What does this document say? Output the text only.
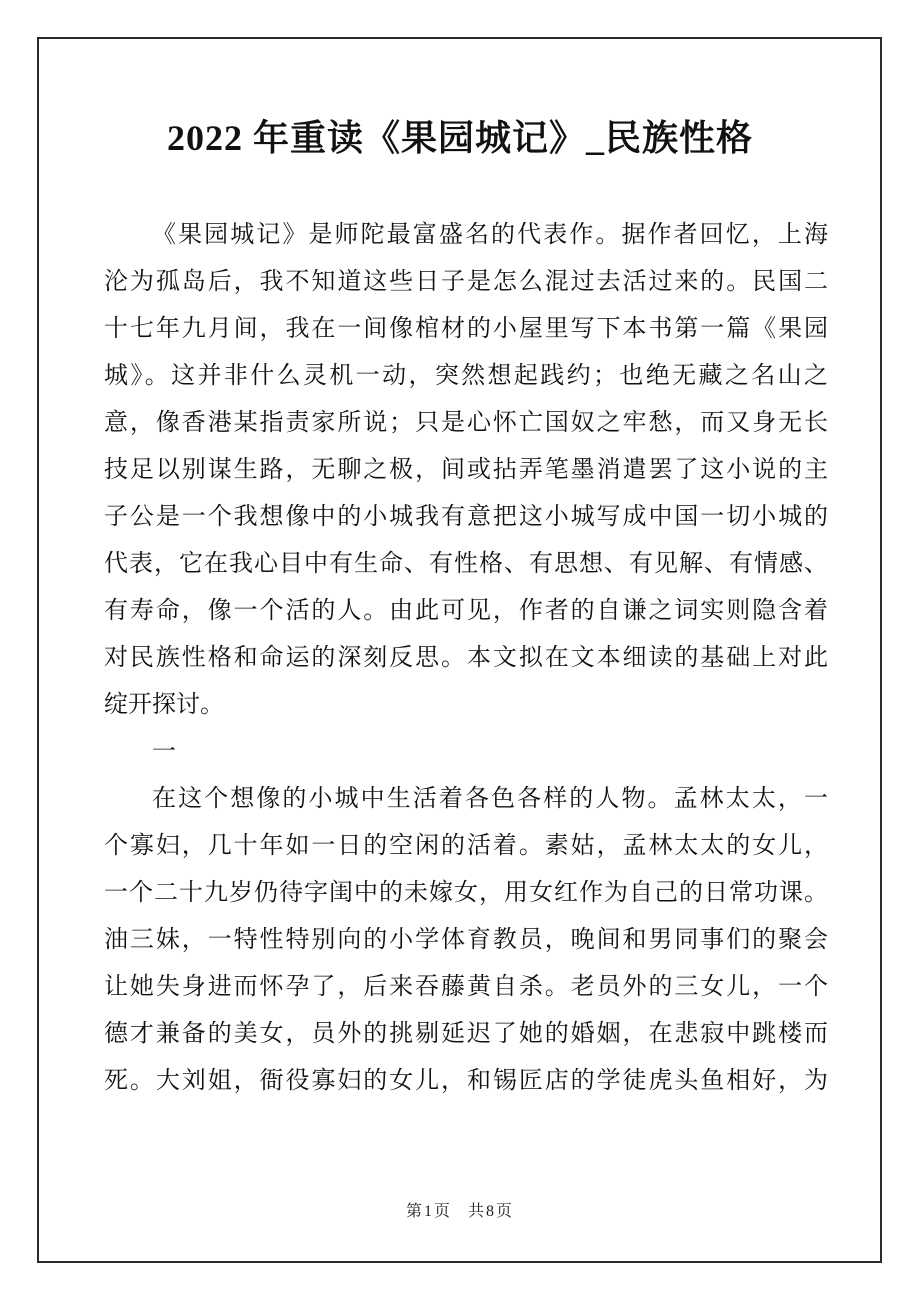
2022 年重读《果园城记》_民族性格
《果园城记》是师陀最富盛名的代表作。据作者回忆，上海
沦为孤岛后，我不知道这些日子是怎么混过去活过来的。民国二
十七年九月间，我在一间像棺材的小屋里写下本书第一篇《果园
城》。这并非什么灵机一动，突然想起践约；也绝无藏之名山之
意，像香港某指责家所说；只是心怀亡国奴之牢愁，而又身无长
技足以别谋生路，无聊之极，间或拈弄笔墨消遣罢了这小说的主
子公是一个我想像中的小城我有意把这小城写成中国一切小城的
代表，它在我心目中有生命、有性格、有思想、有见解、有情感、
有寿命，像一个活的人。由此可见，作者的自谦之词实则隐含着
对民族性格和命运的深刻反思。本文拟在文本细读的基础上对此
绽开探讨。
一
在这个想像的小城中生活着各色各样的人物。孟林太太，一
个寡妇，几十年如一日的空闲的活着。素姑，孟林太太的女儿，
一个二十九岁仍待字闺中的未嫁女，用女红作为自己的日常功课。
油三妹，一特性特别向的小学体育教员，晚间和男同事们的聚会
让她失身进而怀孕了，后来吞藤黄自杀。老员外的三女儿，一个
德才兼备的美女，员外的挑剔延迟了她的婚姻，在悲寂中跳楼而
死。大刘姐，衙役寡妇的女儿，和锡匠店的学徒虎头鱼相好，为
第1页 共8页
